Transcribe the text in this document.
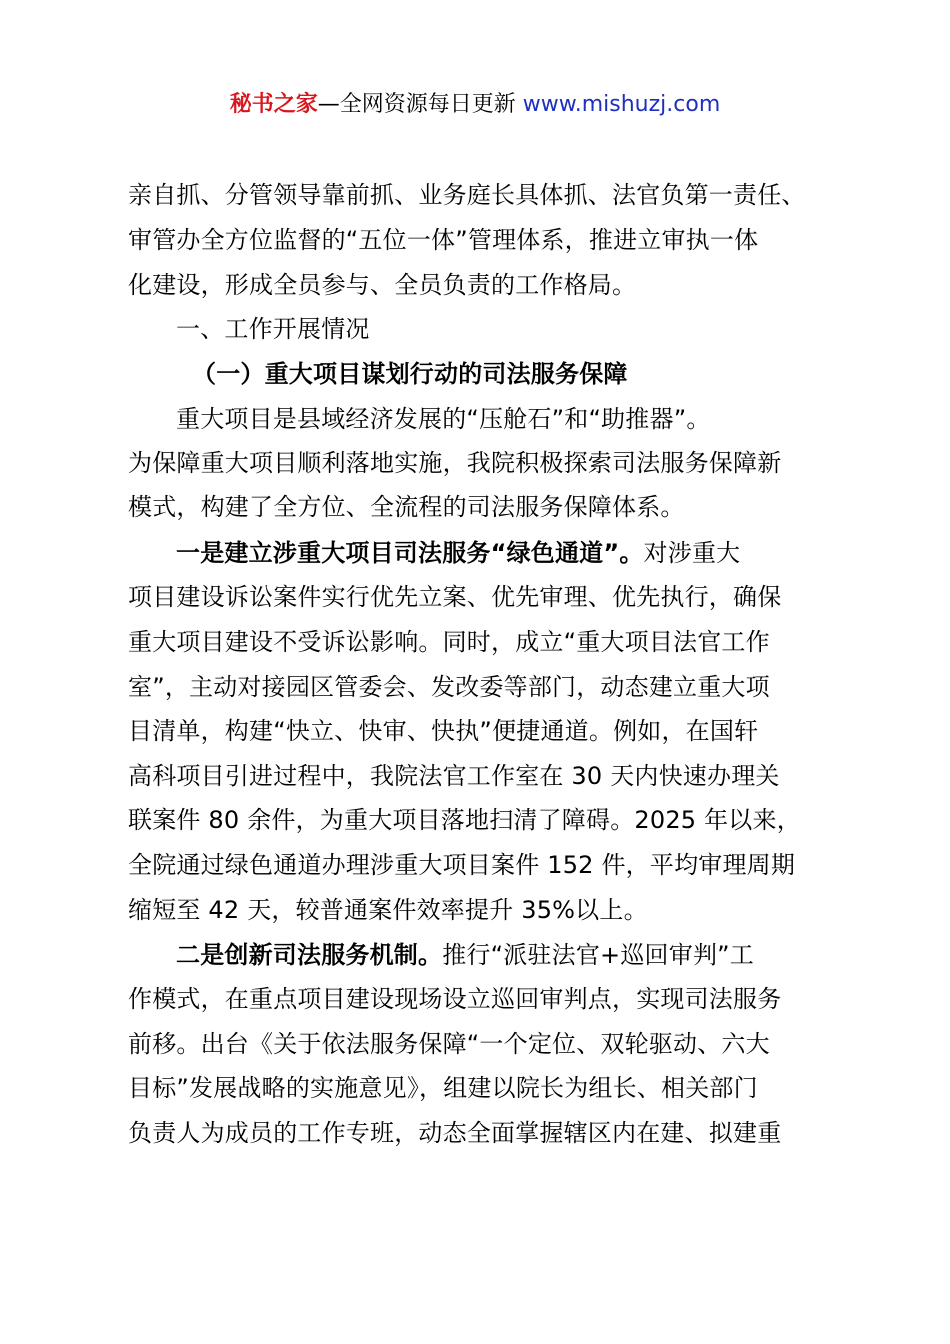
秘书之家—全网资源每日更新 www.mishuzj.com
亲自抓、分管领导靠前抓、业务庭长具体抓、法官负第一责任、
审管办全方位监督的“五位一体”管理体系，推进立审执一体
化建设，形成全员参与、全员负责的工作格局。
一、工作开展情况
（一）重大项目谋划行动的司法服务保障
重大项目是县域经济发展的“压舱石”和“助推器”。
为保障重大项目顺利落地实施，我院积极探索司法服务保障新
模式，构建了全方位、全流程的司法服务保障体系。
一是建立涉重大项目司法服务“绿色通道”。对涉重大
项目建设诉讼案件实行优先立案、优先审理、优先执行，确保
重大项目建设不受诉讼影响。同时，成立“重大项目法官工作
室”，主动对接园区管委会、发改委等部门，动态建立重大项
目清单，构建“快立、快审、快执”便捷通道。例如，在国轩
高科项目引进过程中，我院法官工作室在 30 天内快速办理关
联案件 80 余件，为重大项目落地扫清了障碍。2025 年以来，
全院通过绿色通道办理涉重大项目案件 152 件，平均审理周期
缩短至 42 天，较普通案件效率提升 35%以上。
二是创新司法服务机制。推行“派驻法官+巡回审判”工
作模式，在重点项目建设现场设立巡回审判点，实现司法服务
前移。出台《关于依法服务保障“一个定位、双轮驱动、六大
目标”发展战略的实施意见》，组建以院长为组长、相关部门
负责人为成员的工作专班，动态全面掌握辖区内在建、拟建重
